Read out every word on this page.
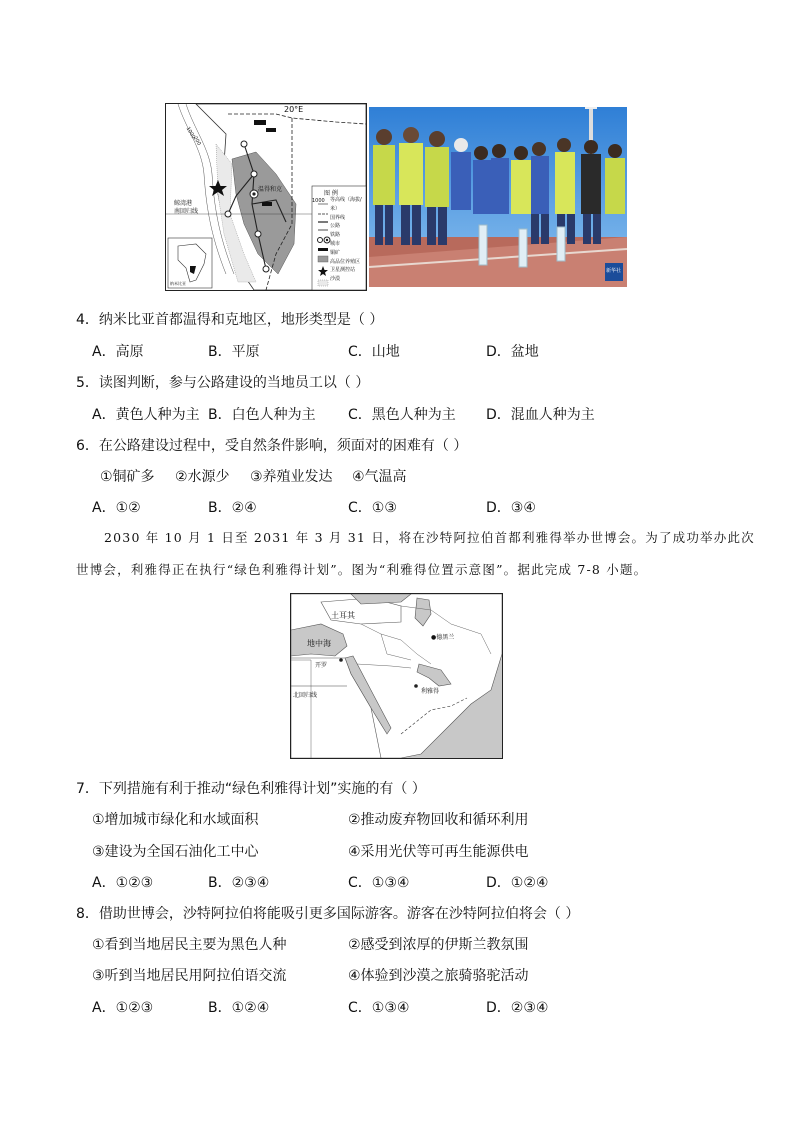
20°E
图 例
等高线（海拔/米）
国界线
公路
铁路
城市
铜矿
高品位养殖区
卫星测控站
沙漠
1000
1000
200
温得和克
鲸湾港
南回归线
纳米比亚
新华社
4．纳米比亚首都温得和克地区，地形类型是（ ）
A．高原	B．平原	C．山地	D．盆地
5．读图判断，参与公路建设的当地员工以（ ）
A．黄色人种为主 B．白色人种为主 C．黑色人种为主 D．混血人种为主
6．在公路建设过程中，受自然条件影响，须面对的困难有（ ）
①铜矿多 ②水源少 ③养殖业发达 ④气温高
A．①②	B．②④	C．①③	D．③④
2030 年 10 月 1 日至 2031 年 3 月 31 日，将在沙特阿拉伯首都利雅得举办世博会。为了成功举办此次
世博会，利雅得正在执行“绿色利雅得计划”。图为“利雅得位置示意图”。据此完成 7-8 小题。
土耳其
地中海
●德黑兰
开罗
利雅得
北回归线
7．下列措施有利于推动“绿色利雅得计划”实施的有（ ）
①增加城市绿化和水域面积	②推动废弃物回收和循环利用
③建设为全国石油化工中心	④采用光伏等可再生能源供电
A．①②③	B．②③④	C．①③④	D．①②④
8．借助世博会，沙特阿拉伯将能吸引更多国际游客。游客在沙特阿拉伯将会（ ）
①看到当地居民主要为黑色人种	②感受到浓厚的伊斯兰教氛围
③听到当地居民用阿拉伯语交流	④体验到沙漠之旅骑骆驼活动
A．①②③	B．①②④	C．①③④	D．②③④
